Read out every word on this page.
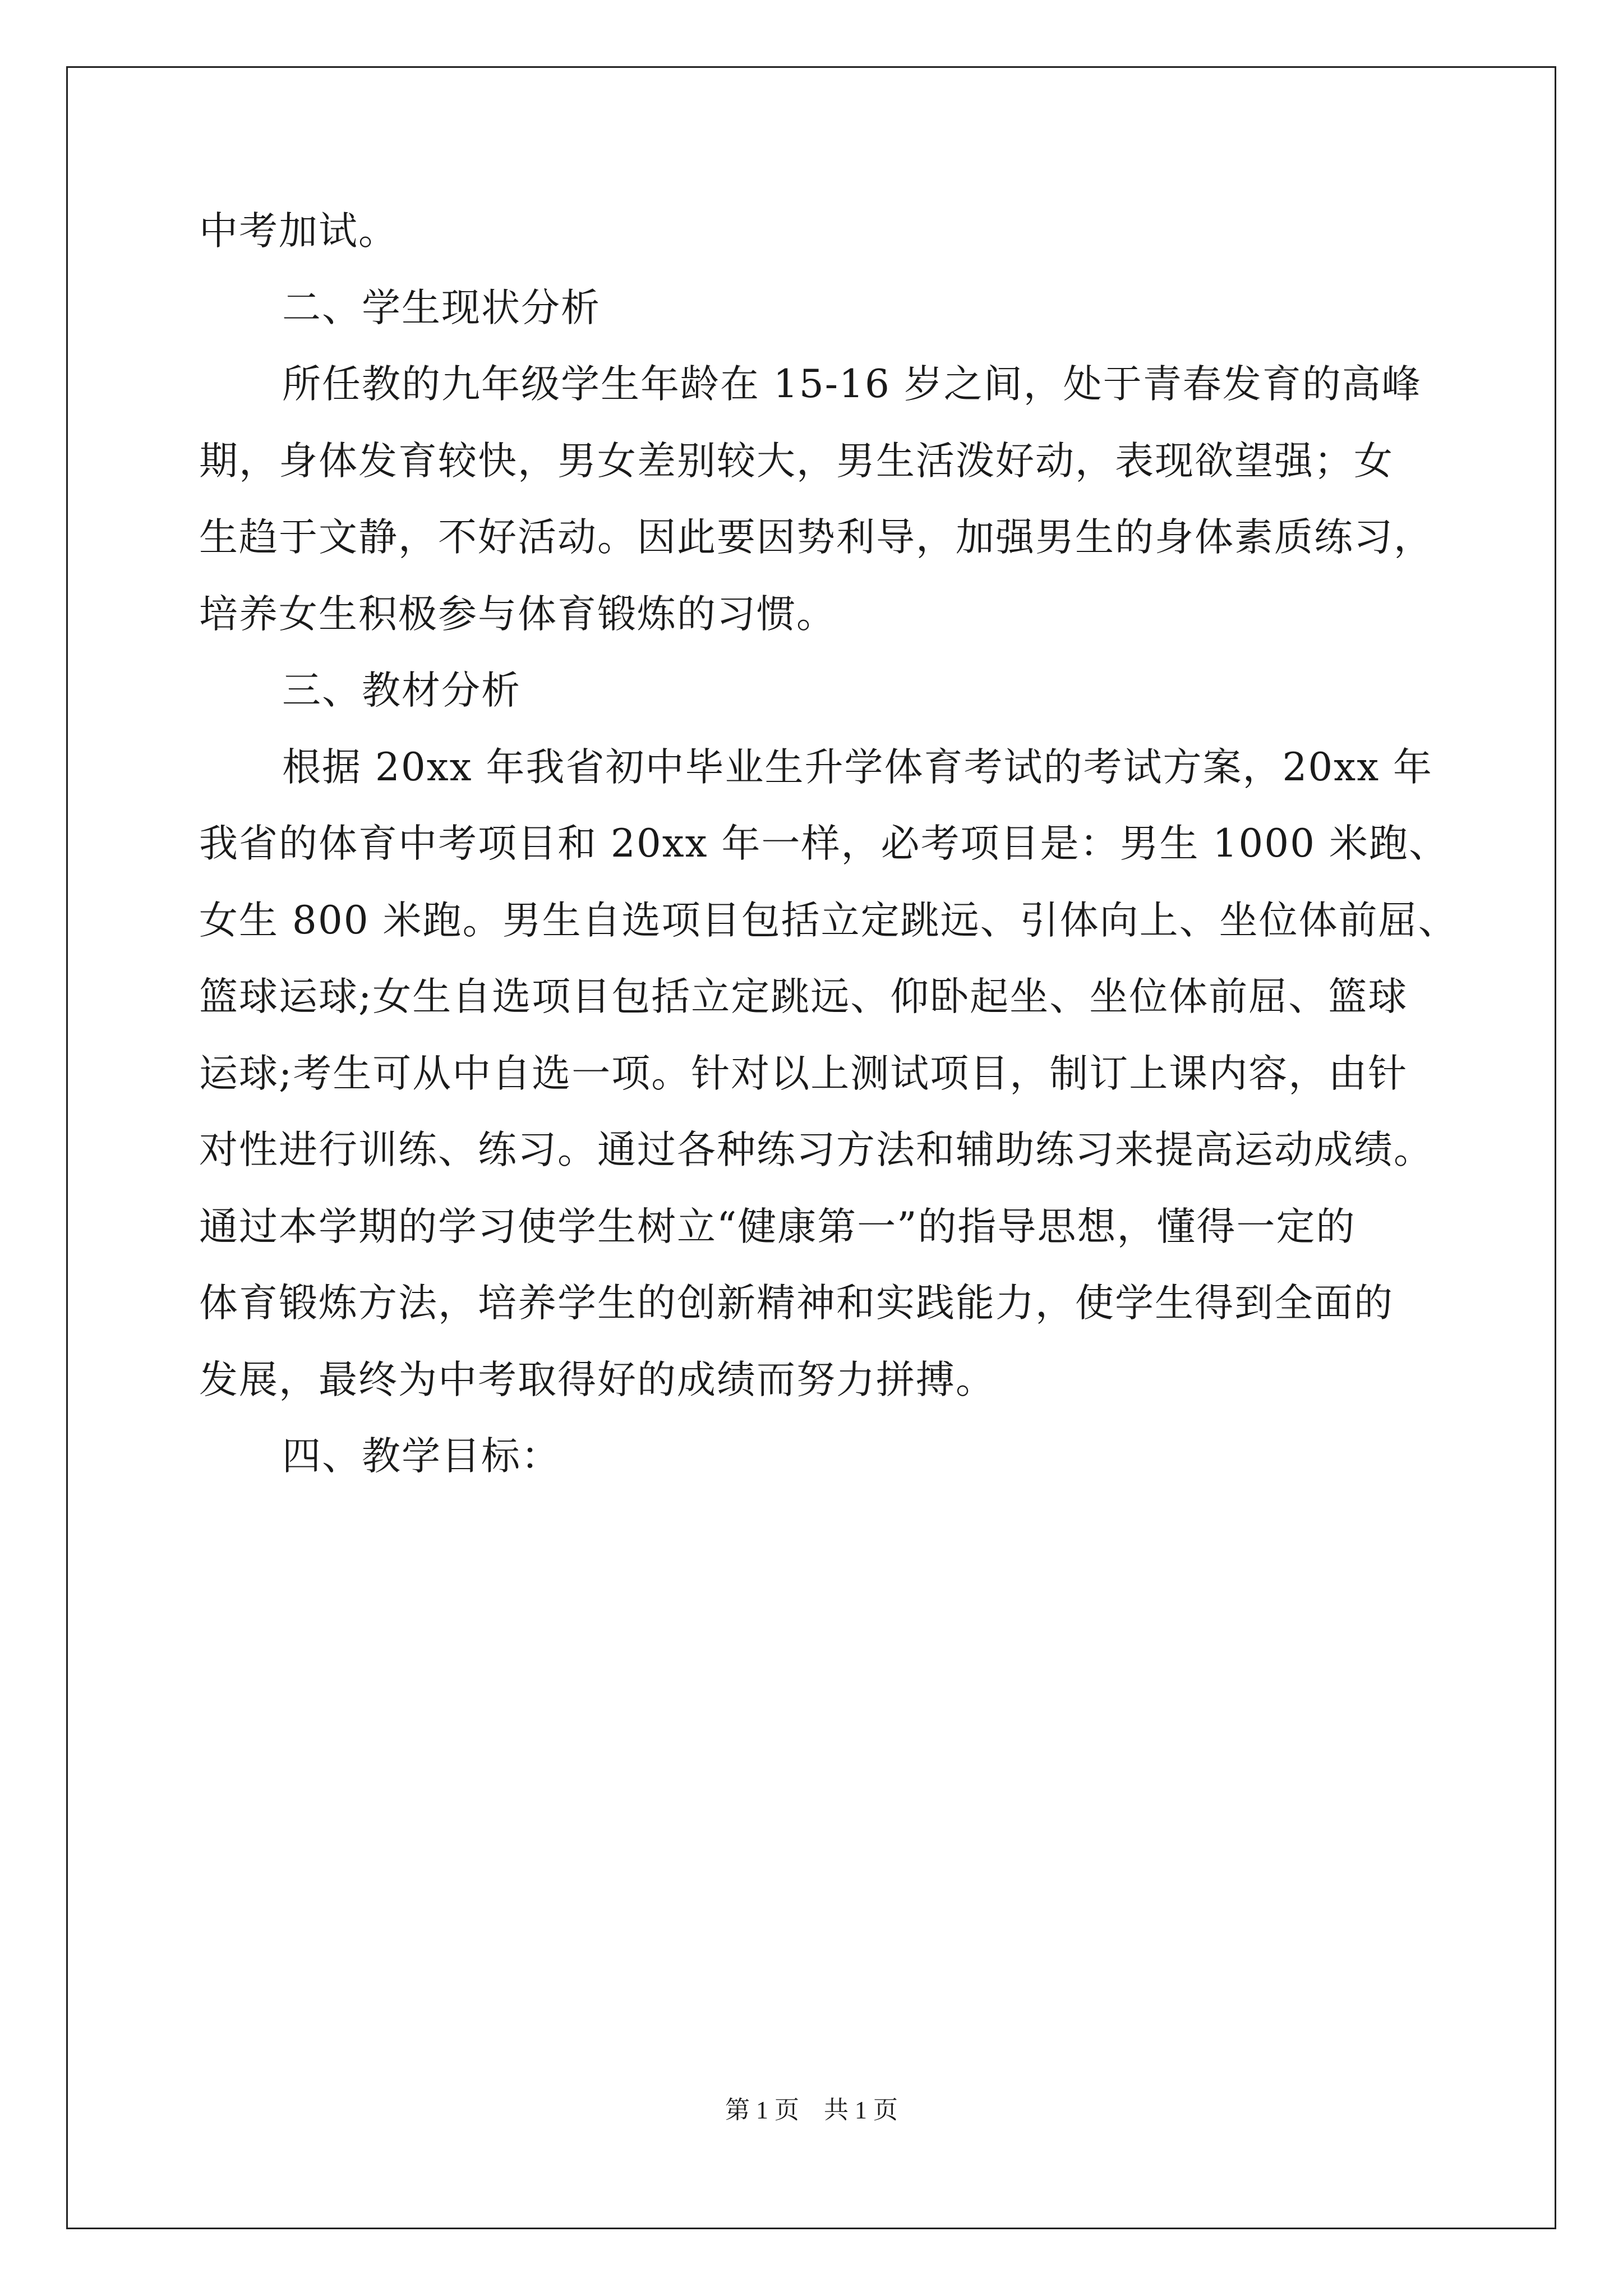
中考加试。
二、学生现状分析
所任教的九年级学生年龄在 15-16 岁之间，处于青春发育的高峰
期，身体发育较快，男女差别较大，男生活泼好动，表现欲望强；女
生趋于文静，不好活动。因此要因势利导，加强男生的身体素质练习，
培养女生积极参与体育锻炼的习惯。
三、教材分析
根据 20xx 年我省初中毕业生升学体育考试的考试方案，20xx 年
我省的体育中考项目和 20xx 年一样，必考项目是：男生 1000 米跑、
女生 800 米跑。男生自选项目包括立定跳远、引体向上、坐位体前屈、
篮球运球;女生自选项目包括立定跳远、仰卧起坐、坐位体前屈、篮球
运球;考生可从中自选一项。针对以上测试项目，制订上课内容，由针
对性进行训练、练习。通过各种练习方法和辅助练习来提高运动成绩。
通过本学期的学习使学生树立“健康第一”的指导思想，懂得一定的
体育锻炼方法，培养学生的创新精神和实践能力，使学生得到全面的
发展，最终为中考取得好的成绩而努力拼搏。
四、教学目标：
第 1 页　共 1 页
